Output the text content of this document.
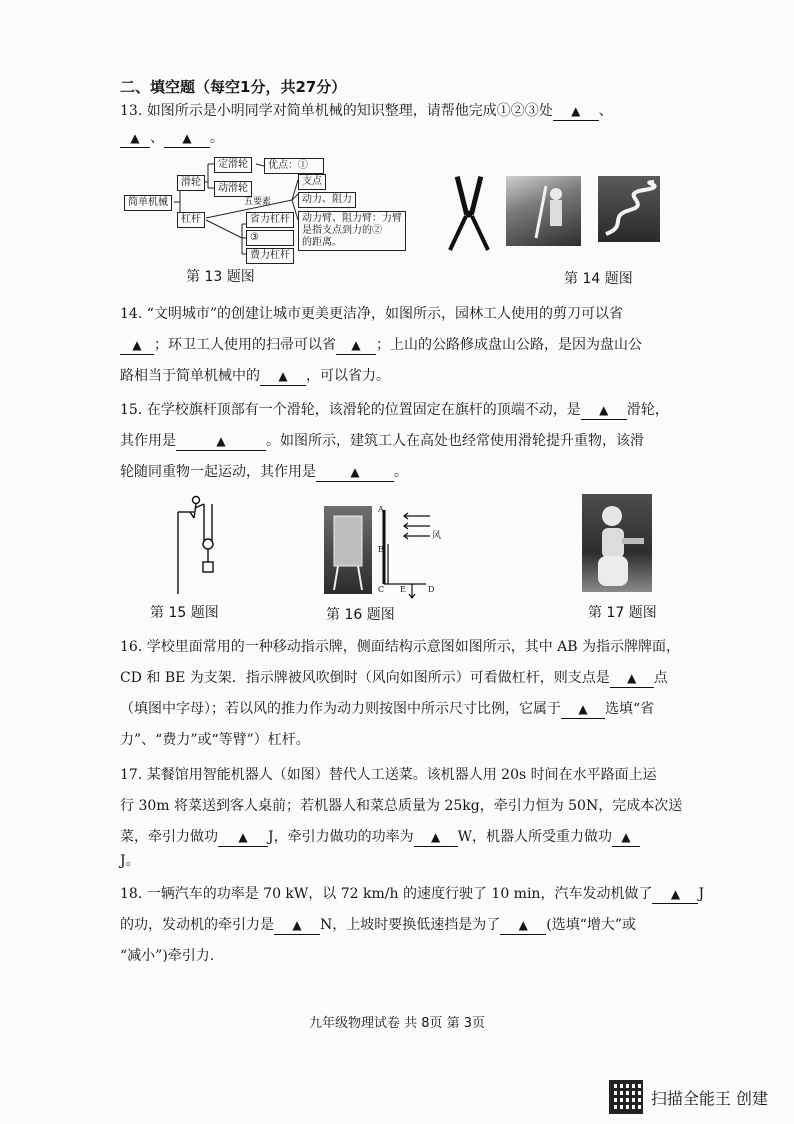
二、填空题（每空1分，共27分）
13. 如图所示是小明同学对简单机械的知识整理，请帮他完成①②③处 ▲ 、
▲ 、 ▲ 。
简单机械
滑轮
定滑轮
动滑轮
优点：①
杠杆
五要素
支点
动力、阻力
动力臂、阻力臂：力臂
是指支点到力的②
的距离。
省力杠杆
③
费力杠杆
第 13 题图	第 14 题图
14. “文明城市”的创建让城市更美更洁净，如图所示，园林工人使用的剪刀可以省
▲ ；环卫工人使用的扫帚可以省 ▲ ；上山的公路修成盘山公路，是因为盘山公
路相当于简单机械中的 ▲ ，可以省力。
15. 在学校旗杆顶部有一个滑轮，该滑轮的位置固定在旗杆的顶端不动，是 ▲ 滑轮，
其作用是	▲	。如图所示，建筑工人在高处也经常使用滑轮提升重物，该滑
轮随同重物一起运动，其作用是	▲ 。
第 15 题图
A
B
C E	D
风
第 16 题图	第 17 题图
16. 学校里面常用的一种移动指示牌，侧面结构示意图如图所示，其中 AB 为指示牌牌面，
CD 和 BE 为支架．指示牌被风吹倒时（风向如图所示）可看做杠杆，则支点是 ▲ 点
（填图中字母）；若以风的推力作为动力则按图中所示尺寸比例，它属于 ▲ 选填“省
力”、“费力”或“等臂”）杠杆。
17. 某餐馆用智能机器人（如图）替代人工送菜。该机器人用 20s 时间在水平路面上运
行 30m 将菜送到客人桌前；若机器人和菜总质量为 25kg，牵引力恒为 50N，完成本次送
菜，牵引力做功 ▲ J，牵引力做功的功率为 ▲ W，机器人所受重力做功 ▲
J。
18. 一辆汽车的功率是 70 kW，以 72 km/h 的速度行驶了 10 min，汽车发动机做了 ▲ J
的功，发动机的牵引力是 ▲ N，上坡时要换低速挡是为了 ▲ (选填“增大”或
“减小”)牵引力.
九年级物理试卷 共 8页 第 3页
扫描全能王 创建
